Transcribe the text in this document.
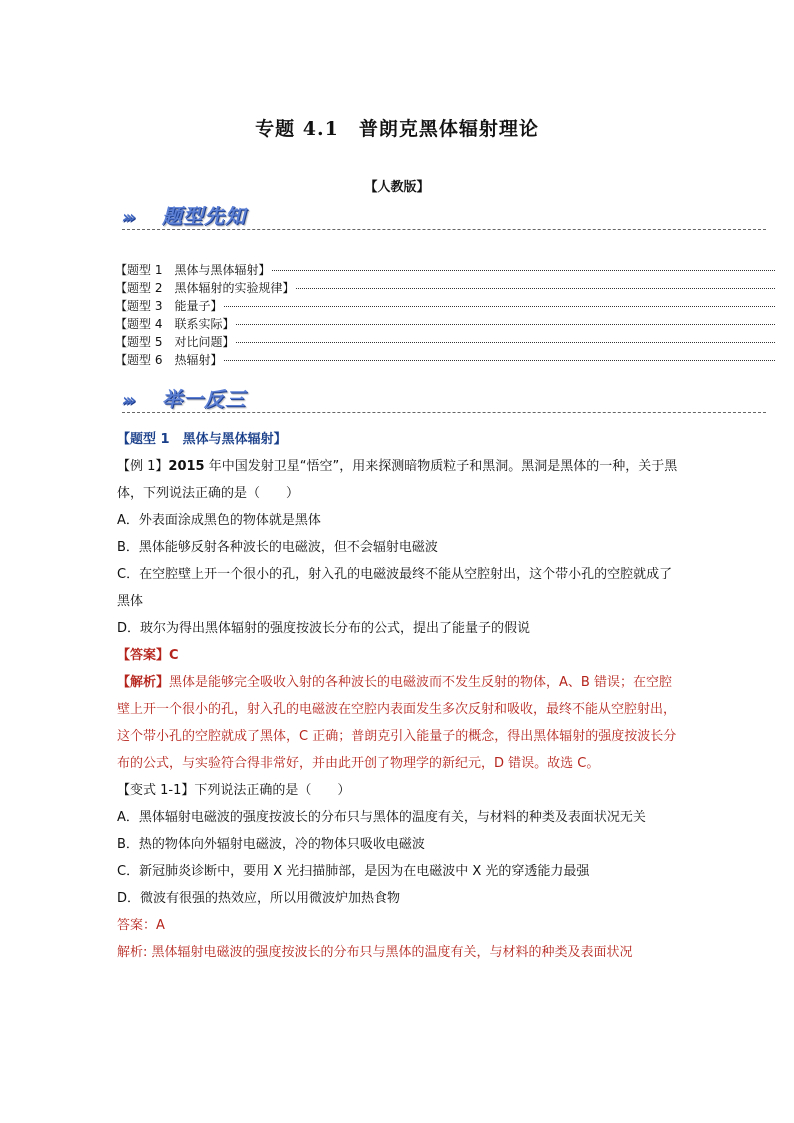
专题 4.1　普朗克黑体辐射理论
【人教版】
››› 题型先知
【题型 1　黑体与黑体辐射】
【题型 2　黑体辐射的实验规律】
【题型 3　能量子】
【题型 4　联系实际】
【题型 5　对比问题】
【题型 6　热辐射】
››› 举一反三

【题型 1　黑体与黑体辐射】

【例 1】2015 年中国发射卫星“悟空”，用来探测暗物质粒子和黑洞。黑洞是黑体的一种，关于黑体，下列说法正确的是（　　）

A．外表面涂成黑色的物体就是黑体

B．黑体能够反射各种波长的电磁波，但不会辐射电磁波

C．在空腔壁上开一个很小的孔，射入孔的电磁波最终不能从空腔射出，这个带小孔的空腔就成了黑体

D．玻尔为得出黑体辐射的强度按波长分布的公式，提出了能量子的假说

【答案】C

【解析】黑体是能够完全吸收入射的各种波长的电磁波而不发生反射的物体，A、B 错误；在空腔壁上开一个很小的孔，射入孔的电磁波在空腔内表面发生多次反射和吸收，最终不能从空腔射出，这个带小孔的空腔就成了黑体，C 正确；普朗克引入能量子的概念，得出黑体辐射的强度按波长分布的公式，与实验符合得非常好，并由此开创了物理学的新纪元，D 错误。故选 C。

【变式 1-1】下列说法正确的是（　　）

A．黑体辐射电磁波的强度按波长的分布只与黑体的温度有关，与材料的种类及表面状况无关

B．热的物体向外辐射电磁波，冷的物体只吸收电磁波

C．新冠肺炎诊断中，要用 X 光扫描肺部，是因为在电磁波中 X 光的穿透能力最强

D．微波有很强的热效应，所以用微波炉加热食物

答案：A

解析: 黑体辐射电磁波的强度按波长的分布只与黑体的温度有关，与材料的种类及表面状况
